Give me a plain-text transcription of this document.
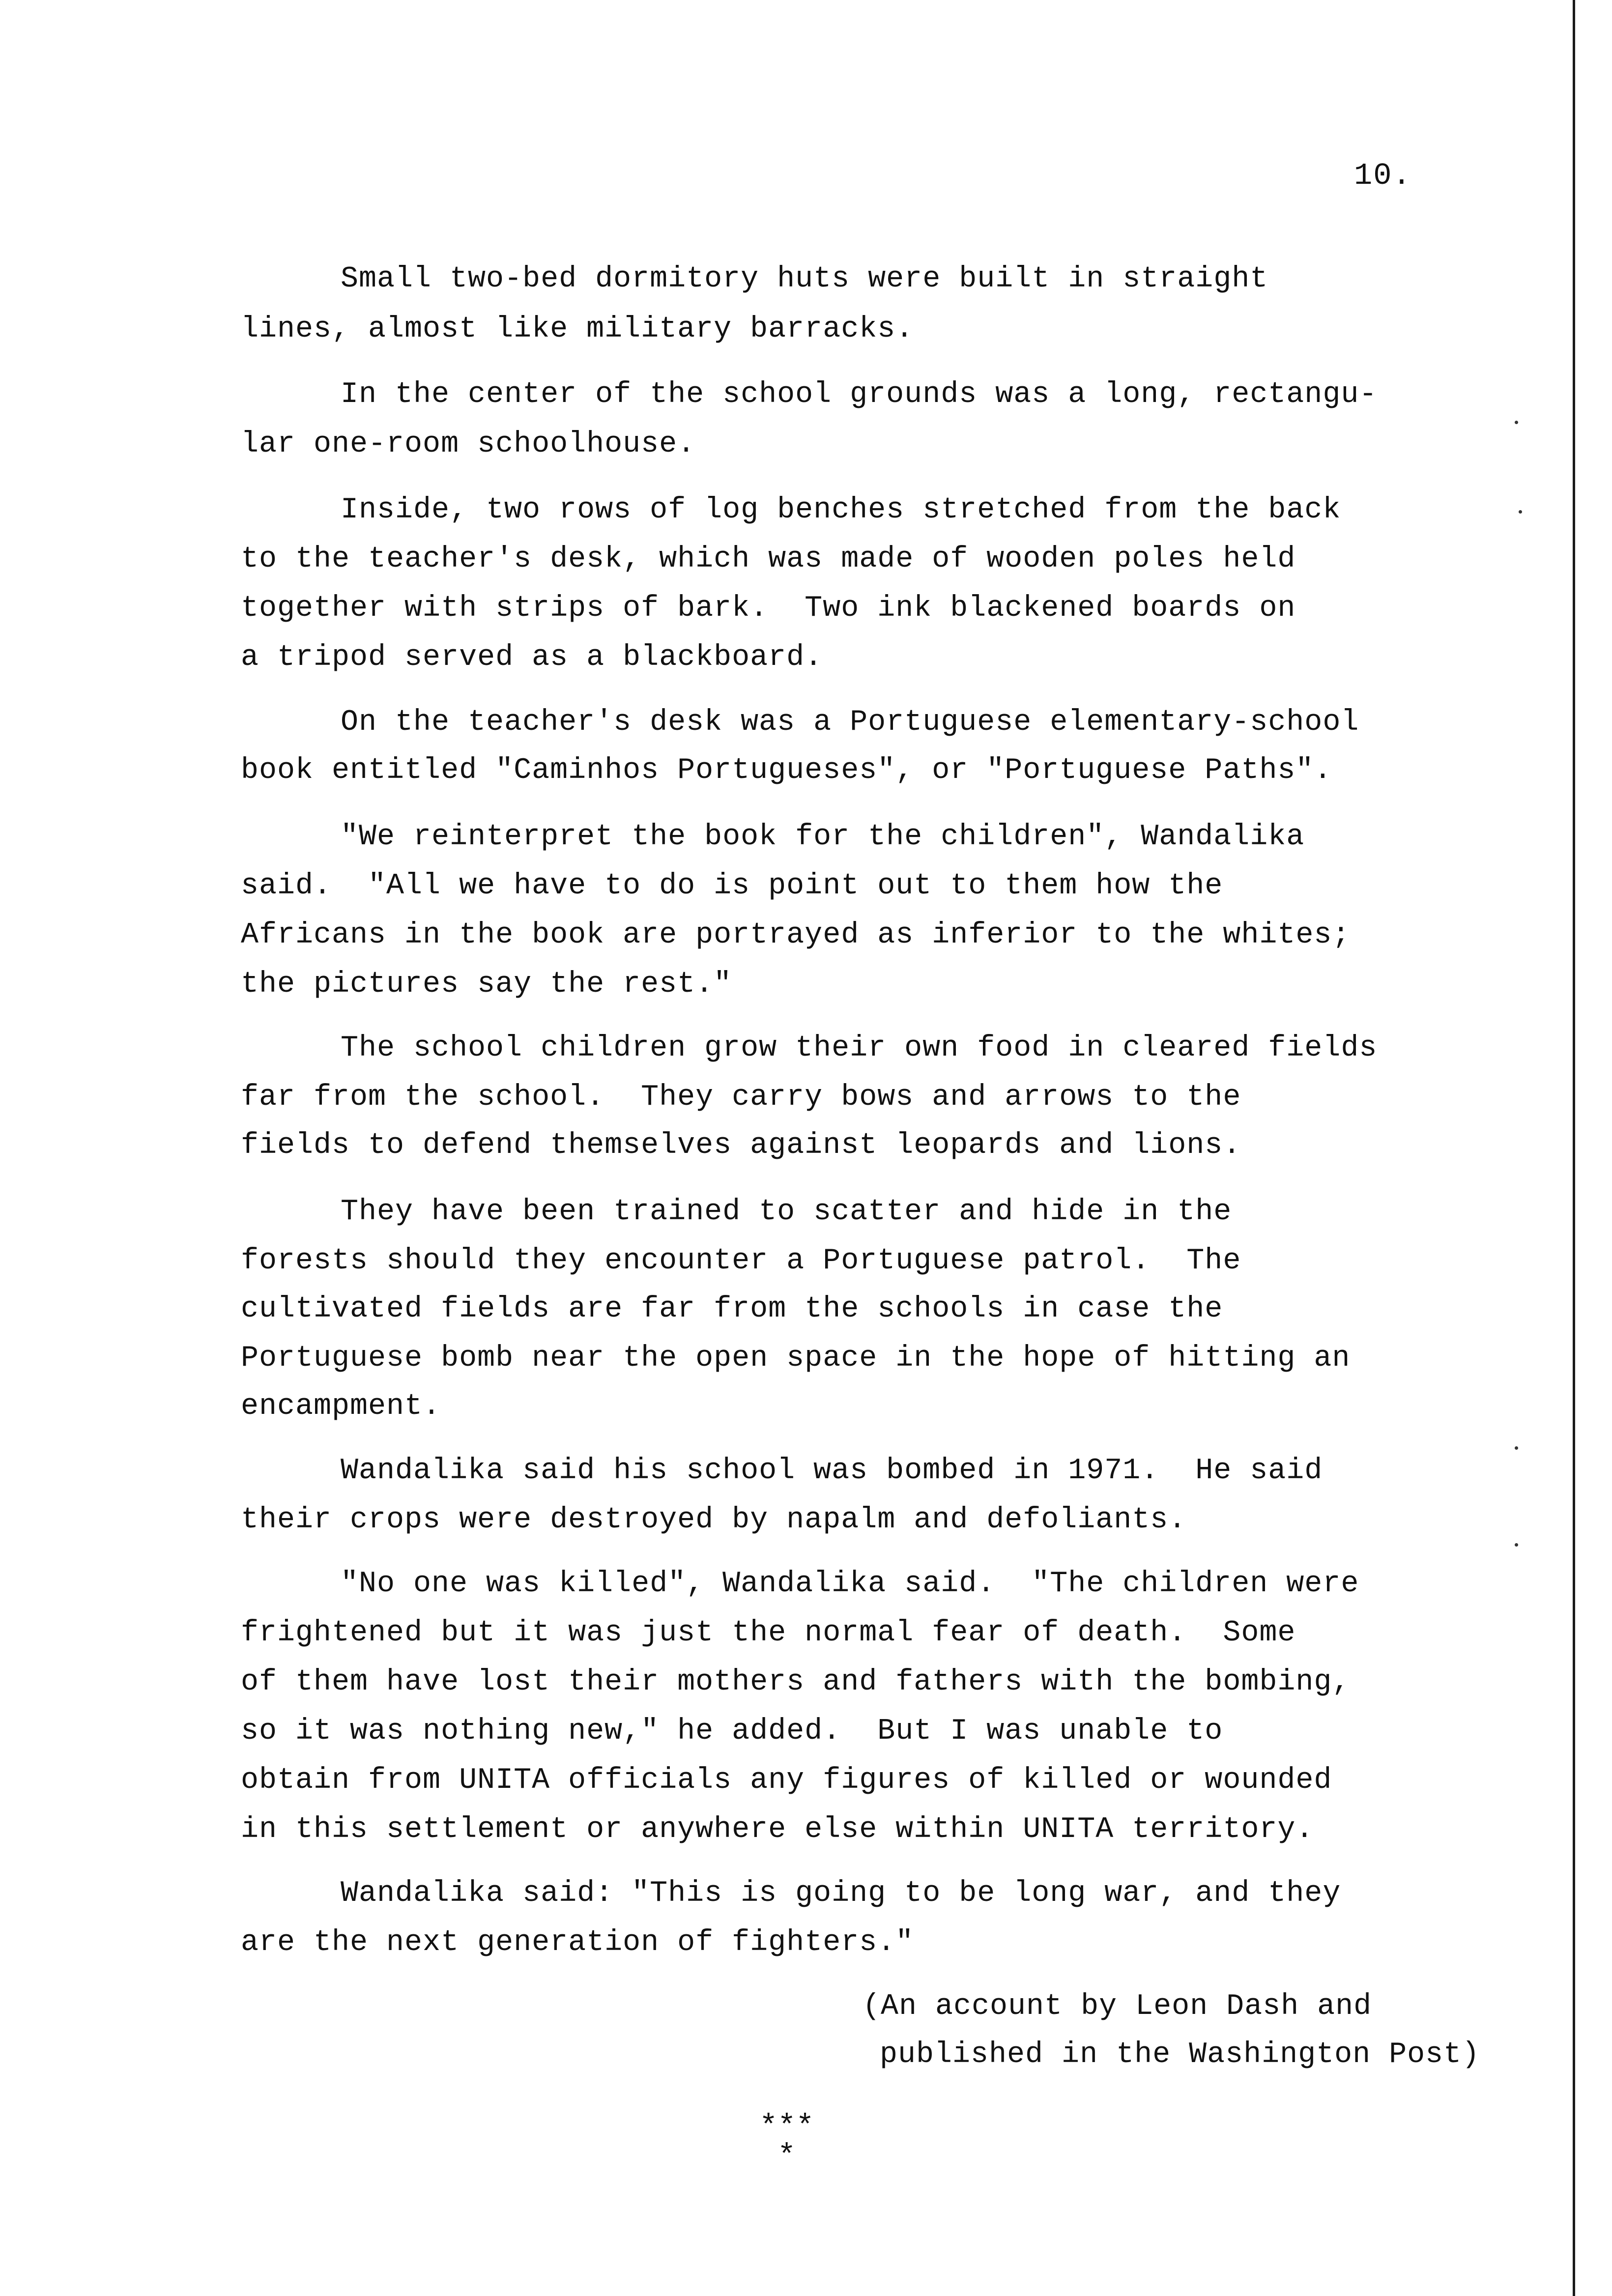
10.
Small two-bed dormitory huts were built in straight
lines, almost like military barracks.
In the center of the school grounds was a long, rectangu-
lar one-room schoolhouse.
Inside, two rows of log benches stretched from the back
to the teacher's desk, which was made of wooden poles held
together with strips of bark.  Two ink blackened boards on
a tripod served as a blackboard.
On the teacher's desk was a Portuguese elementary-school
book entitled "Caminhos Portugueses", or "Portuguese Paths".
"We reinterpret the book for the children", Wandalika
said.  "All we have to do is point out to them how the
Africans in the book are portrayed as inferior to the whites;
the pictures say the rest."
The school children grow their own food in cleared fields
far from the school.  They carry bows and arrows to the
fields to defend themselves against leopards and lions.
They have been trained to scatter and hide in the
forests should they encounter a Portuguese patrol.  The
cultivated fields are far from the schools in case the
Portuguese bomb near the open space in the hope of hitting an
encampment.
Wandalika said his school was bombed in 1971.  He said
their crops were destroyed by napalm and defoliants.
"No one was killed", Wandalika said.  "The children were
frightened but it was just the normal fear of death.  Some
of them have lost their mothers and fathers with the bombing,
so it was nothing new," he added.  But I was unable to
obtain from UNITA officials any figures of killed or wounded
in this settlement or anywhere else within UNITA territory.
Wandalika said: "This is going to be long war, and they
are the next generation of fighters."
(An account by Leon Dash and
published in the Washington Post)
***
*
